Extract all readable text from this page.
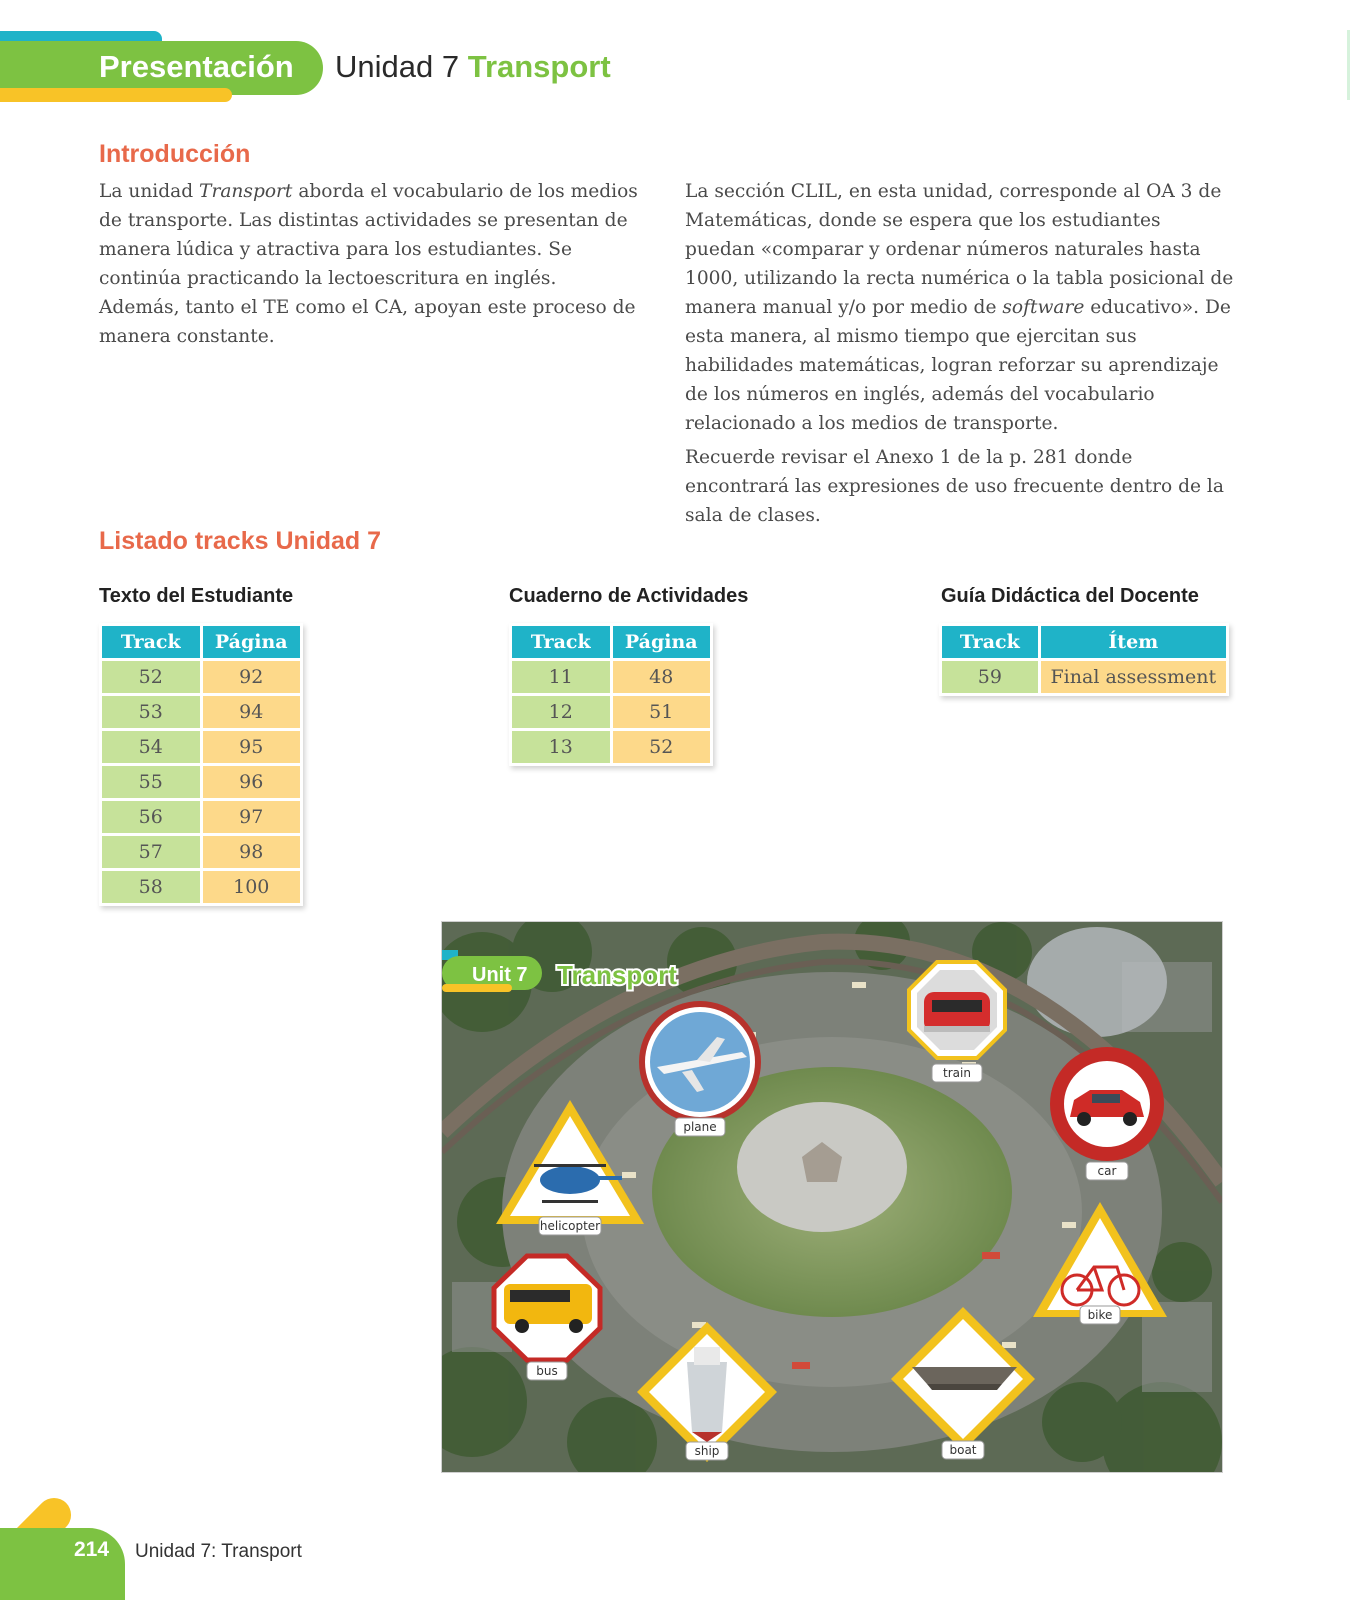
Presentación Unidad 7 Transport
Introducción

La unidad Transport aborda el vocabulario de los medios de transporte. Las distintas actividades se presentan de manera lúdica y atractiva para los estudiantes. Se continúa practicando la lectoescritura en inglés. Además, tanto el TE como el CA, apoyan este proceso de manera constante.

La sección CLIL, en esta unidad, corresponde al OA 3 de Matemáticas, donde se espera que los estudiantes puedan «comparar y ordenar números naturales hasta 1000, utilizando la recta numérica o la tabla posicional de manera manual y/o por medio de software educativo». De esta manera, al mismo tiempo que ejercitan sus habilidades matemáticas, logran reforzar su aprendizaje de los números en inglés, además del vocabulario relacionado a los medios de transporte.

Recuerde revisar el Anexo 1 de la p. 281 donde encontrará las expresiones de uso frecuente dentro de la sala de clases.

Listado tracks Unidad 7
Texto del Estudiante	Cuaderno de Actividades	Guía Didáctica del Docente
Track	Página
52	92
53	94
54	95
55	96
56	97
57	98
58	100
Track	Página
11	48
12	51
13	52
Track	Ítem
59	Final assessment
Unit 7 Transport
plane
train
car
helicopter
bike
bus
ship	boat
214 Unidad 7: Transport
